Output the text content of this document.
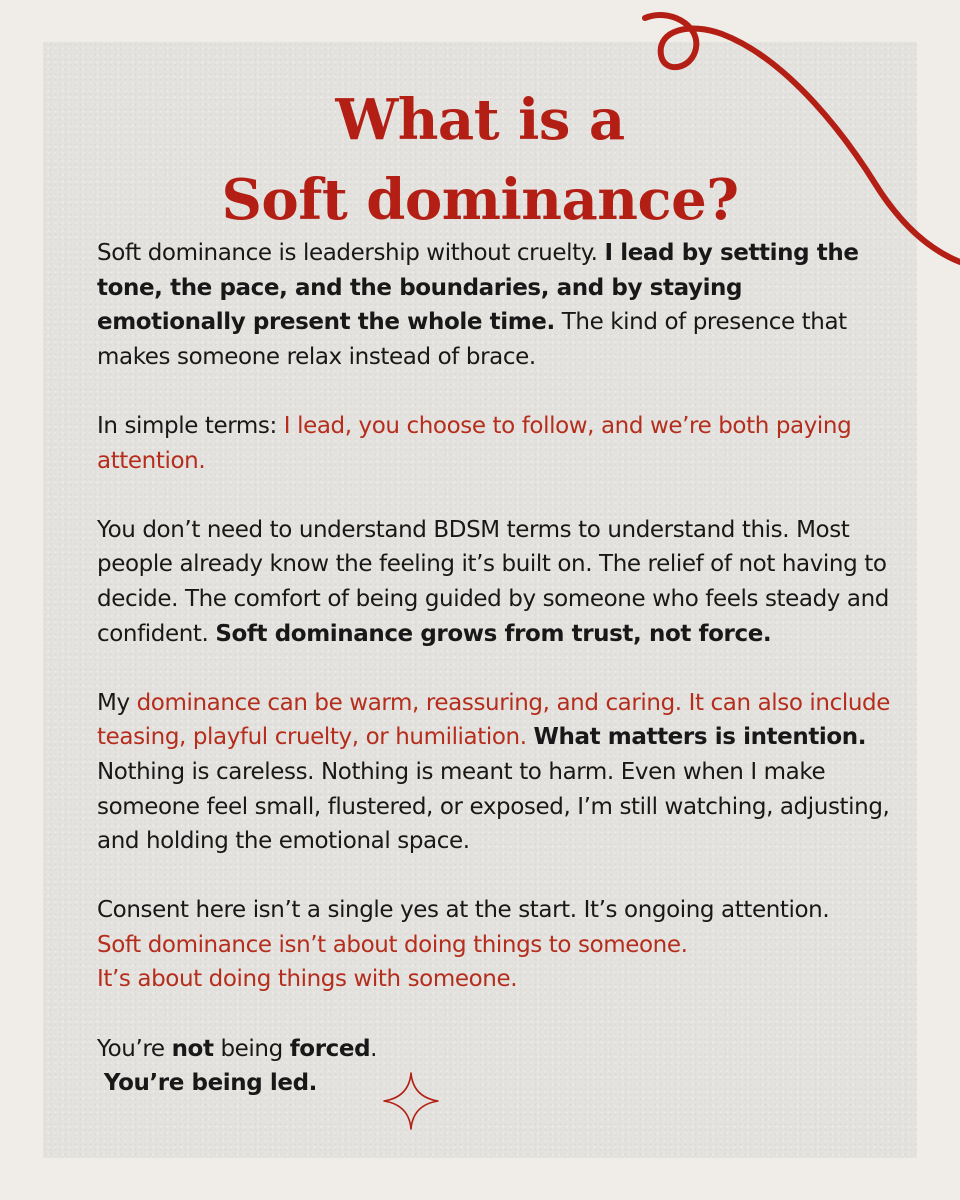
What is a
Soft dominance?

Soft dominance is leadership without cruelty. I lead by setting the tone, the pace, and the boundaries, and by staying emotionally present the whole time. The kind of presence that makes someone relax instead of brace.

In simple terms: I lead, you choose to follow, and we’re both paying attention.

You don’t need to understand BDSM terms to understand this. Most people already know the feeling it’s built on. The relief of not having to decide. The comfort of being guided by someone who feels steady and confident. Soft dominance grows from trust, not force.

My dominance can be warm, reassuring, and caring. It can also include teasing, playful cruelty, or humiliation. What matters is intention. Nothing is careless. Nothing is meant to harm. Even when I make someone feel small, flustered, or exposed, I’m still watching, adjusting, and holding the emotional space.

Consent here isn’t a single yes at the start. It’s ongoing attention.
Soft dominance isn’t about doing things to someone.
It’s about doing things with someone.

You’re not being forced.
You’re being led.
